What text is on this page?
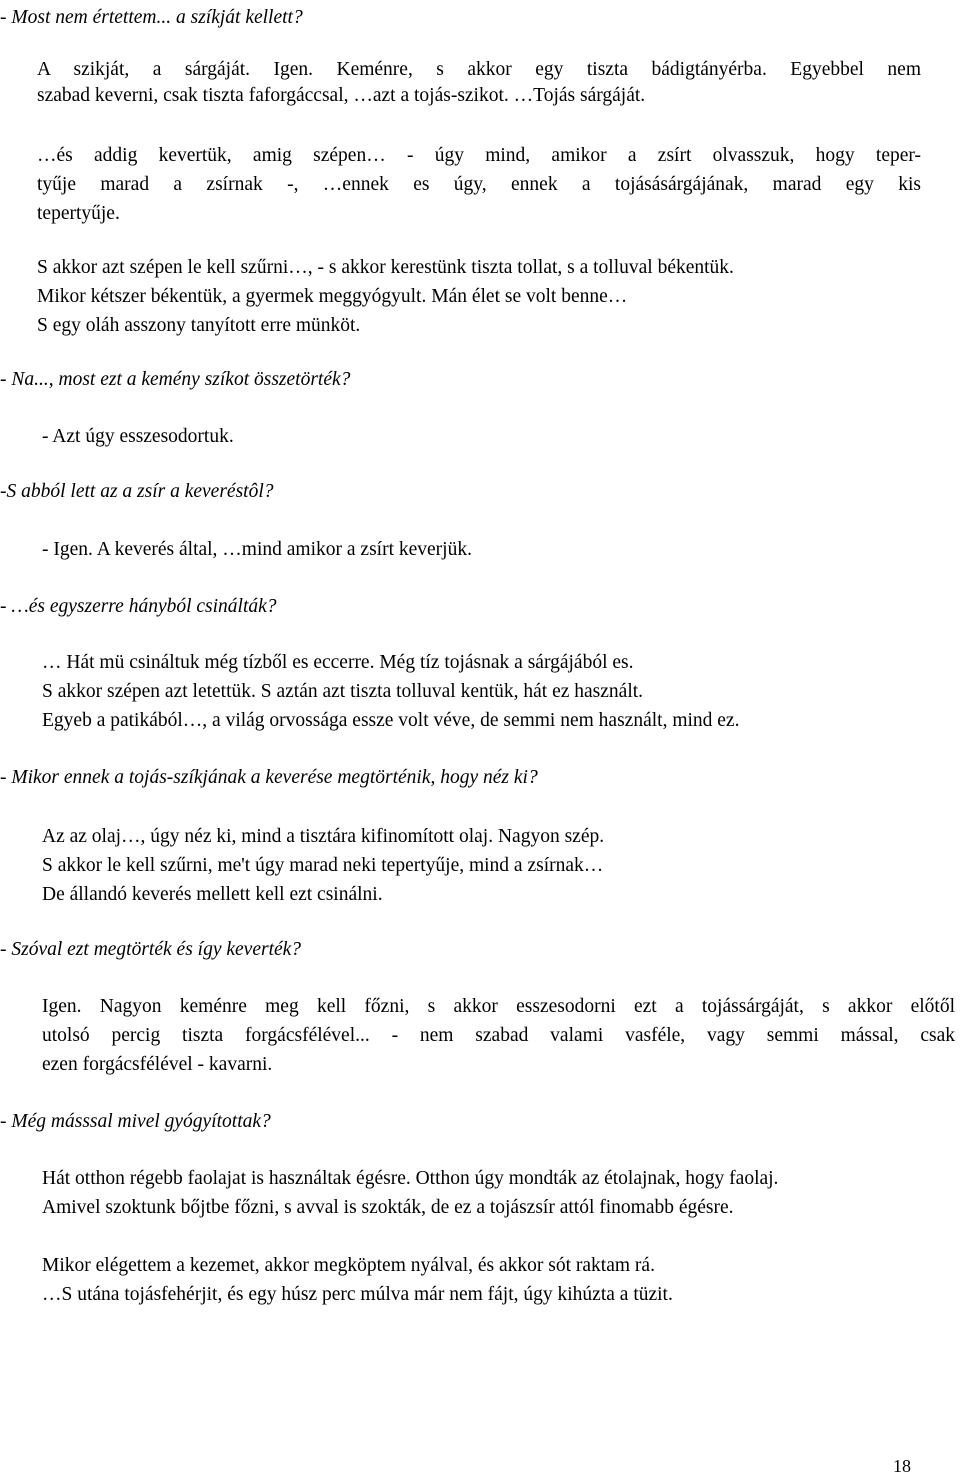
- Most nem értettem... a szíkját kellett?
A szikját, a sárgáját. Igen. Keménre, s akkor egy tiszta bádigtányérba. Egyebbel nem
szabad keverni, csak tiszta faforgáccsal, …azt a tojás-szikot. …Tojás sárgáját.
…és addig kevertük, amig szépen… - úgy mind, amikor a zsírt olvasszuk, hogy teper-
tyűje marad a zsírnak -, …ennek es úgy, ennek a tojásásárgájának, marad egy kis
tepertyűje.
S akkor azt szépen le kell szűrni…, - s akkor kerestünk tiszta tollat, s a tolluval békentük.
Mikor kétszer békentük, a gyermek meggyógyult. Mán élet se volt benne…
S egy oláh asszony tanyított erre münköt.
- Na..., most ezt a kemény szíkot összetörték?
- Azt úgy esszesodortuk.
-S abból lett az a zsír a keveréstôl?
- Igen. A keverés által, …mind amikor a zsírt keverjük.
- …és egyszerre hányból csinálták?
… Hát mü csináltuk még tízből es eccerre. Még tíz tojásnak a sárgájából es.
S akkor szépen azt letettük. S aztán azt tiszta tolluval kentük, hát ez használt.
Egyeb a patikából…, a világ orvossága essze volt véve, de semmi nem használt, mind ez.
- Mikor ennek a tojás-szíkjának a keverése megtörténik, hogy néz ki?
Az az olaj…, úgy néz ki, mind a tisztára kifinomított olaj. Nagyon szép.
S akkor le kell szűrni, me't úgy marad neki tepertyűje, mind a zsírnak…
De állandó keverés mellett kell ezt csinálni.
- Szóval ezt megtörték és így keverték?
Igen. Nagyon keménre meg kell főzni, s akkor esszesodorni ezt a tojássárgáját, s akkor előtől
utolsó percig tiszta forgácsfélével... - nem szabad valami vasféle, vagy semmi mással, csak
ezen forgácsfélével - kavarni.
- Még másssal mivel gyógyítottak?
Hát otthon régebb faolajat is használtak égésre. Otthon úgy mondták az étolajnak, hogy faolaj.
Amivel szoktunk bőjtbe főzni, s avval is szokták, de ez a tojászsír attól finomabb égésre.
Mikor elégettem a kezemet, akkor megköptem nyálval, és akkor sót raktam rá.
…S utána tojásfehérjit, és egy húsz perc múlva már nem fájt, úgy kihúzta a tüzit.
18
